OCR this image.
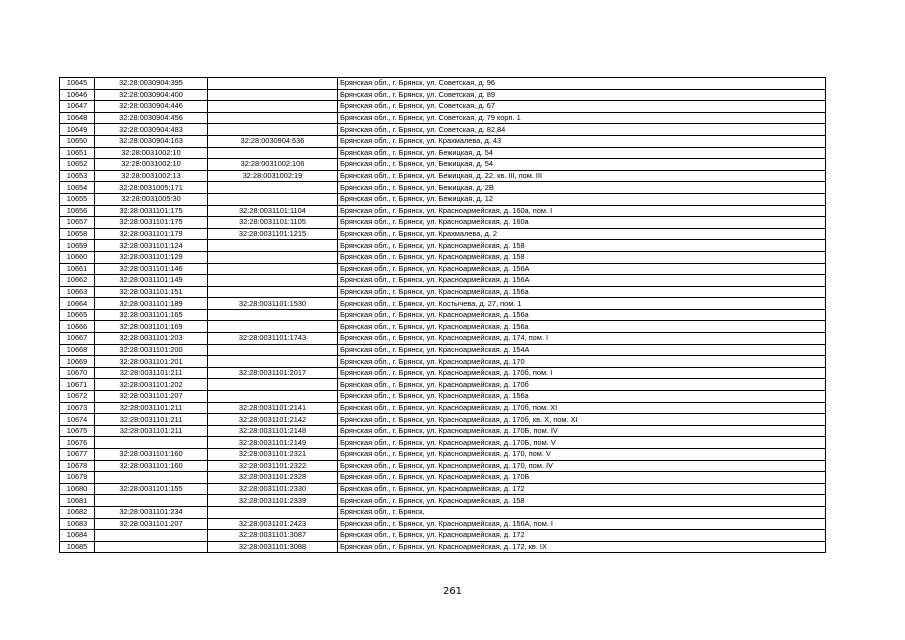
10645	32:28:0030904:395		Брянская обл., г. Брянск, ул. Советская, д. 96
10646	32:28:0030904:400		Брянская обл., г. Брянск, ул. Советская, д. 89
10647	32:28:0030904:446		Брянская обл., г. Брянск, ул. Советская, д. 67
10648	32:28:0030904:456		Брянская обл., г. Брянск, ул. Советская, д. 79 корп. 1
10649	32:28:0030904:483		Брянская обл., г. Брянск, ул. Советская, д. 82,84
10650	32:28:0030904:163	32:28:0030904:636	Брянская обл., г. Брянск, ул. Крахмалева, д. 43
10651	32:28:0031002:10		Брянская обл., г. Брянск, ул. Бежицкая, д. 54
10652	32:28:0031002:10	32:28:0031002:106	Брянская обл., г. Брянск, ул. Бежицкая, д. 54
10653	32:28:0031002:13	32:28:0031002:19	Брянская обл., г. Брянск, ул. Бежицкая, д. 22, кв. III, пом. III
10654	32:28:0031005:171		Брянская обл., г. Брянск, ул. Бежицкая, д. 2В
10655	32:28:0031005:30		Брянская обл., г. Брянск, ул. Бежицкая, д. 12
10656	32:28:0031101:175	32:28:0031101:1104	Брянская обл., г. Брянск, ул. Красноармейская, д. 160а, пом. I
10657	32:28:0031101:175	32:28:0031101:1105	Брянская обл., г. Брянск, ул. Красноармейская, д. 160а
10658	32:28:0031101:179	32:28:0031101:1215	Брянская обл., г. Брянск, ул. Крахмалева, д. 2
10659	32:28:0031101:124		Брянская обл., г. Брянск, ул. Красноармейская, д. 158
10660	32:28:0031101:129		Брянская обл., г. Брянск, ул. Красноармейская, д. 158
10661	32:28:0031101:146		Брянская обл., г. Брянск, ул. Красноармейская, д. 156А
10662	32:28:0031101:149		Брянская обл., г. Брянск, ул. Красноармейская, д. 156А
10663	32:28:0031101:151		Брянская обл., г. Брянск, ул. Красноармейская, д. 156а
10664	32:28:0031101:189	32:28:0031101:1530	Брянская обл., г. Брянск, ул. Костычева, д. 27, пом. 1
10665	32:28:0031101:165		Брянская обл., г. Брянск, ул. Красноармейская, д. 156а
10666	32:28:0031101:169		Брянская обл., г. Брянск, ул. Красноармейская, д. 156а
10667	32:28:0031101:203	32:28:0031101:1743	Брянская обл., г. Брянск, ул. Красноармейская, д. 174, пом. I
10668	32:28:0031101:200		Брянская обл., г. Брянск, ул. Красноармейская, д. 154А
10669	32:28:0031101:201		Брянская обл., г. Брянск, ул. Красноармейская, д. 170
10670	32:28:0031101:211	32:28:0031101:2017	Брянская обл., г. Брянск, ул. Красноармейская, д. 170б, пом. I
10671	32:28:0031101:202		Брянская обл., г. Брянск, ул. Красноармейская, д. 170б
10672	32:28:0031101:207		Брянская обл., г. Брянск, ул. Красноармейская, д. 156а
10673	32:28:0031101:211	32:28:0031101:2141	Брянская обл., г. Брянск, ул. Красноармейская, д. 170б, пом. XI
10674	32:28:0031101:211	32:28:0031101:2142	Брянская обл., г. Брянск, ул. Красноармейская, д. 170б, кв. X, пом. XI
10675	32:28:0031101:211	32:28:0031101:2148	Брянская обл., г. Брянск, ул. Красноармейская, д. 170Б, пом. IV
10676		32:28:0031101:2149	Брянская обл., г. Брянск, ул. Красноармейская, д. 170Б, пом. V
10677	32:28:0031101:160	32:28:0031101:2321	Брянская обл., г. Брянск, ул. Красноармейская, д. 170, пом. V
10678	32:28:0031101:160	32:28:0031101:2322	Брянская обл., г. Брянск, ул. Красноармейская, д. 170, пом. IV
10679		32:28:0031101:2328	Брянская обл., г. Брянск, ул. Красноармейская, д. 170Б
10680	32:28:0031101:155	32:28:0031101:2330	Брянская обл., г. Брянск, ул. Красноармейская, д. 172
10681		32:28:0031101:2339	Брянская обл., г. Брянск, ул. Красноармейская, д. 158
10682	32:28:0031101:234		Брянская обл., г. Брянск,
10683	32:28:0031101:207	32:28:0031101:2423	Брянская обл., г. Брянск, ул. Красноармейская, д. 156А, пом. I
10684		32:28:0031101:3087	Брянская обл., г. Брянск, ул. Красноармейская, д. 172
10685		32:28:0031101:3088	Брянская обл., г. Брянск, ул. Красноармейская, д. 172, кв. IX
261
